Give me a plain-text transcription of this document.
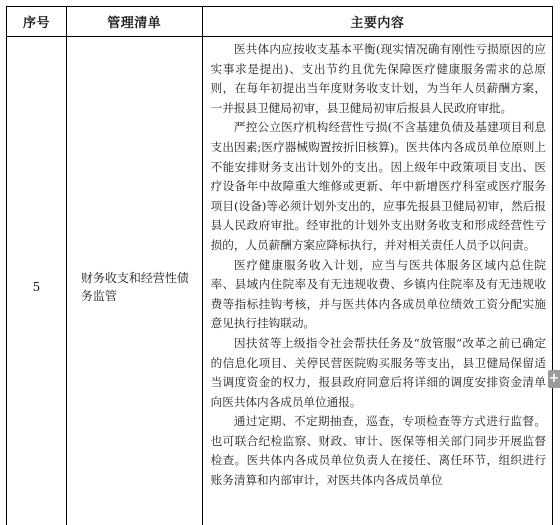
序号	管理清单	主要内容
5
财务收支和经营性债务监管

医共体内应按收支基本平衡(现实情况确有刚性亏损原因的应实事求是提出)、支出节约且优先保障医疗健康服务需求的总原则，在每年初提出当年度财务收支计划，为当年人员薪酬方案，一并报县卫健局初审，县卫健局初审后报县人民政府审批。

严控公立医疗机构经营性亏损(不含基建负债及基建项目利息支出因素;医疗器械购置按折旧核算)。医共体内各成员单位原则上不能安排财务支出计划外的支出。因上级年中政策项目支出、医疗设备年中故障重大维修或更新、年中新增医疗科室或医疗服务项目(设备)等必须计划外支出的，应事先报县卫健局初审，然后报县人民政府审批。经审批的计划外支出财务收支和形成经营性亏损的，人员薪酬方案应降标执行，并对相关责任人员予以问责。

医疗健康服务收入计划，应当与医共体服务区域内总住院率、县域内住院率及有无违规收费、乡镇内住院率及有无违规收费等指标挂钩考核，并与医共体内各成员单位绩效工资分配实施意见执行挂钩联动。

因扶贫等上级指令社会帮扶任务及“放管服”改革之前已确定的信息化项目、关停民营医院购买服务等支出，县卫健局保留适当调度资金的权力，报县政府同意后将详细的调度安排资金清单向医共体内各成员单位通报。

通过定期、不定期抽查，巡查，专项检查等方式进行监督。也可联合纪检监察、财政、审计、医保等相关部门同步开展监督检查。医共体内各成员单位负责人在接任、离任环节，组织进行账务清算和内部审计，对医共体内各成员单位

+
